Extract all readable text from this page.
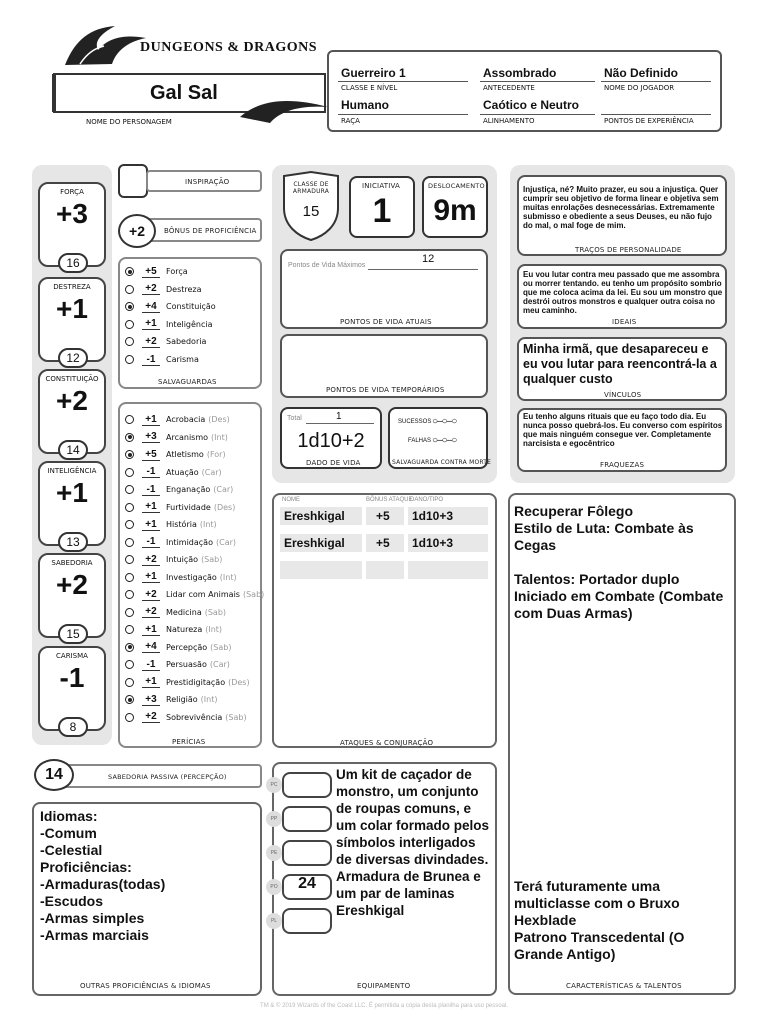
DUNGEONS & DRAGONS
Gal Sal
NOME DO PERSONAGEM
Guerreiro 1
CLASSE E NÍVEL
Assombrado
ANTECEDENTE
Não Definido
NOME DO JOGADOR
Humano
RAÇA
Caótico e Neutro
ALINHAMENTO	PONTOS DE EXPERIÊNCIA
FORÇA
+3
16
DESTREZA
+1
12
CONSTITUIÇÃO
+2
14
INTELIGÊNCIA
+1
13
SABEDORIA
+2
15
CARISMA
-1
8
INSPIRAÇÃO
+2	BÔNUS DE PROFICIÊNCIA
+5	Força
+2	Destreza
+4	Constituição
+1	Inteligência
+2	Sabedoria
-1	Carisma
SALVAGUARDAS
+1	Acrobacia (Des)
+3	Arcanismo (Int)
+5	Atletismo (For)
-1	Atuação (Car)
-1	Enganação (Car)
+1	Furtividade (Des)
+1	História (Int)
-1	Intimidação (Car)
+2	Intuição (Sab)
+1	Investigação (Int)
+2	Lidar com Animais (Sab)
+2	Medicina (Sab)
+1	Natureza (Int)
+4	Percepção (Sab)
-1	Persuasão (Car)
+1	Prestidigitação (Des)
+3	Religião (Int)
+2	Sobrevivência (Sab)
PERÍCIAS
CLASSE DE ARMADURA
15
INICIATIVA
1
DESLOCAMENTO
9m
Pontos de Vida Máximos
12
PONTOS DE VIDA ATUAIS
PONTOS DE VIDA TEMPORÁRIOS
Total	1
1d10+2
DADO DE VIDA
SUCESSOS ○‒○‒○
FALHAS ○‒○‒○
SALVAGUARDA CONTRA MORTE
Injustiça, né? Muito prazer, eu sou a injustiça. Quer cumprir seu objetivo de forma linear e objetiva sem muitas enrolações desnecessárias. Extremamente submisso e obediente a seus Deuses, eu não fujo do mal, o mal foge de mim.
TRAÇOS DE PERSONALIDADE
Eu vou lutar contra meu passado que me assombra ou morrer tentando. eu tenho um propósito sombrio que me coloca acima da lei. Eu sou um monstro que destrói outros monstros e qualquer outra coisa no meu caminho.
IDEAIS
Minha irmã, que desapareceu e eu vou lutar para reencontrá-la a qualquer custo
VÍNCULOS
Eu tenho alguns rituais que eu faço todo dia. Eu nunca posso quebrá-los. Eu converso com espíritos que mais ninguém consegue ver. Completamente narcisista e egocêntrico
FRAQUEZAS
NOME	BÔNUS ATAQUE
DANO/TIPO
Ereshkigal	+5	1d10+3
Ereshkigal	+5	1d10+3
ATAQUES & CONJURAÇÃO
Recuperar Fôlego
Estilo de Luta: Combate às Cegas

Talentos: Portador duplo Iniciado em Combate (Combate com Duas Armas)
Terá futuramente uma multiclasse com o Bruxo Hexblade
Patrono Transcedental (O Grande Antigo)
CARACTERÍSTICAS & TALENTOS
14	SABEDORIA PASSIVA (PERCEPÇÃO)
Idiomas:
-Comum
-Celestial
Proficiências:
-Armaduras(todas)
-Escudos
-Armas simples
-Armas marciais
OUTRAS PROFICIÊNCIAS & IDIOMAS
PC
PP
PE
PO	24
PL
Um kit de caçador de monstro, um conjunto de roupas comuns, e um colar formado pelos símbolos interligados de diversas divindades. Armadura de Brunea e um par de laminas Ereshkigal
EQUIPAMENTO
TM & © 2019 Wizards of the Coast LLC. É permitida a cópia desta planilha para uso pessoal.
